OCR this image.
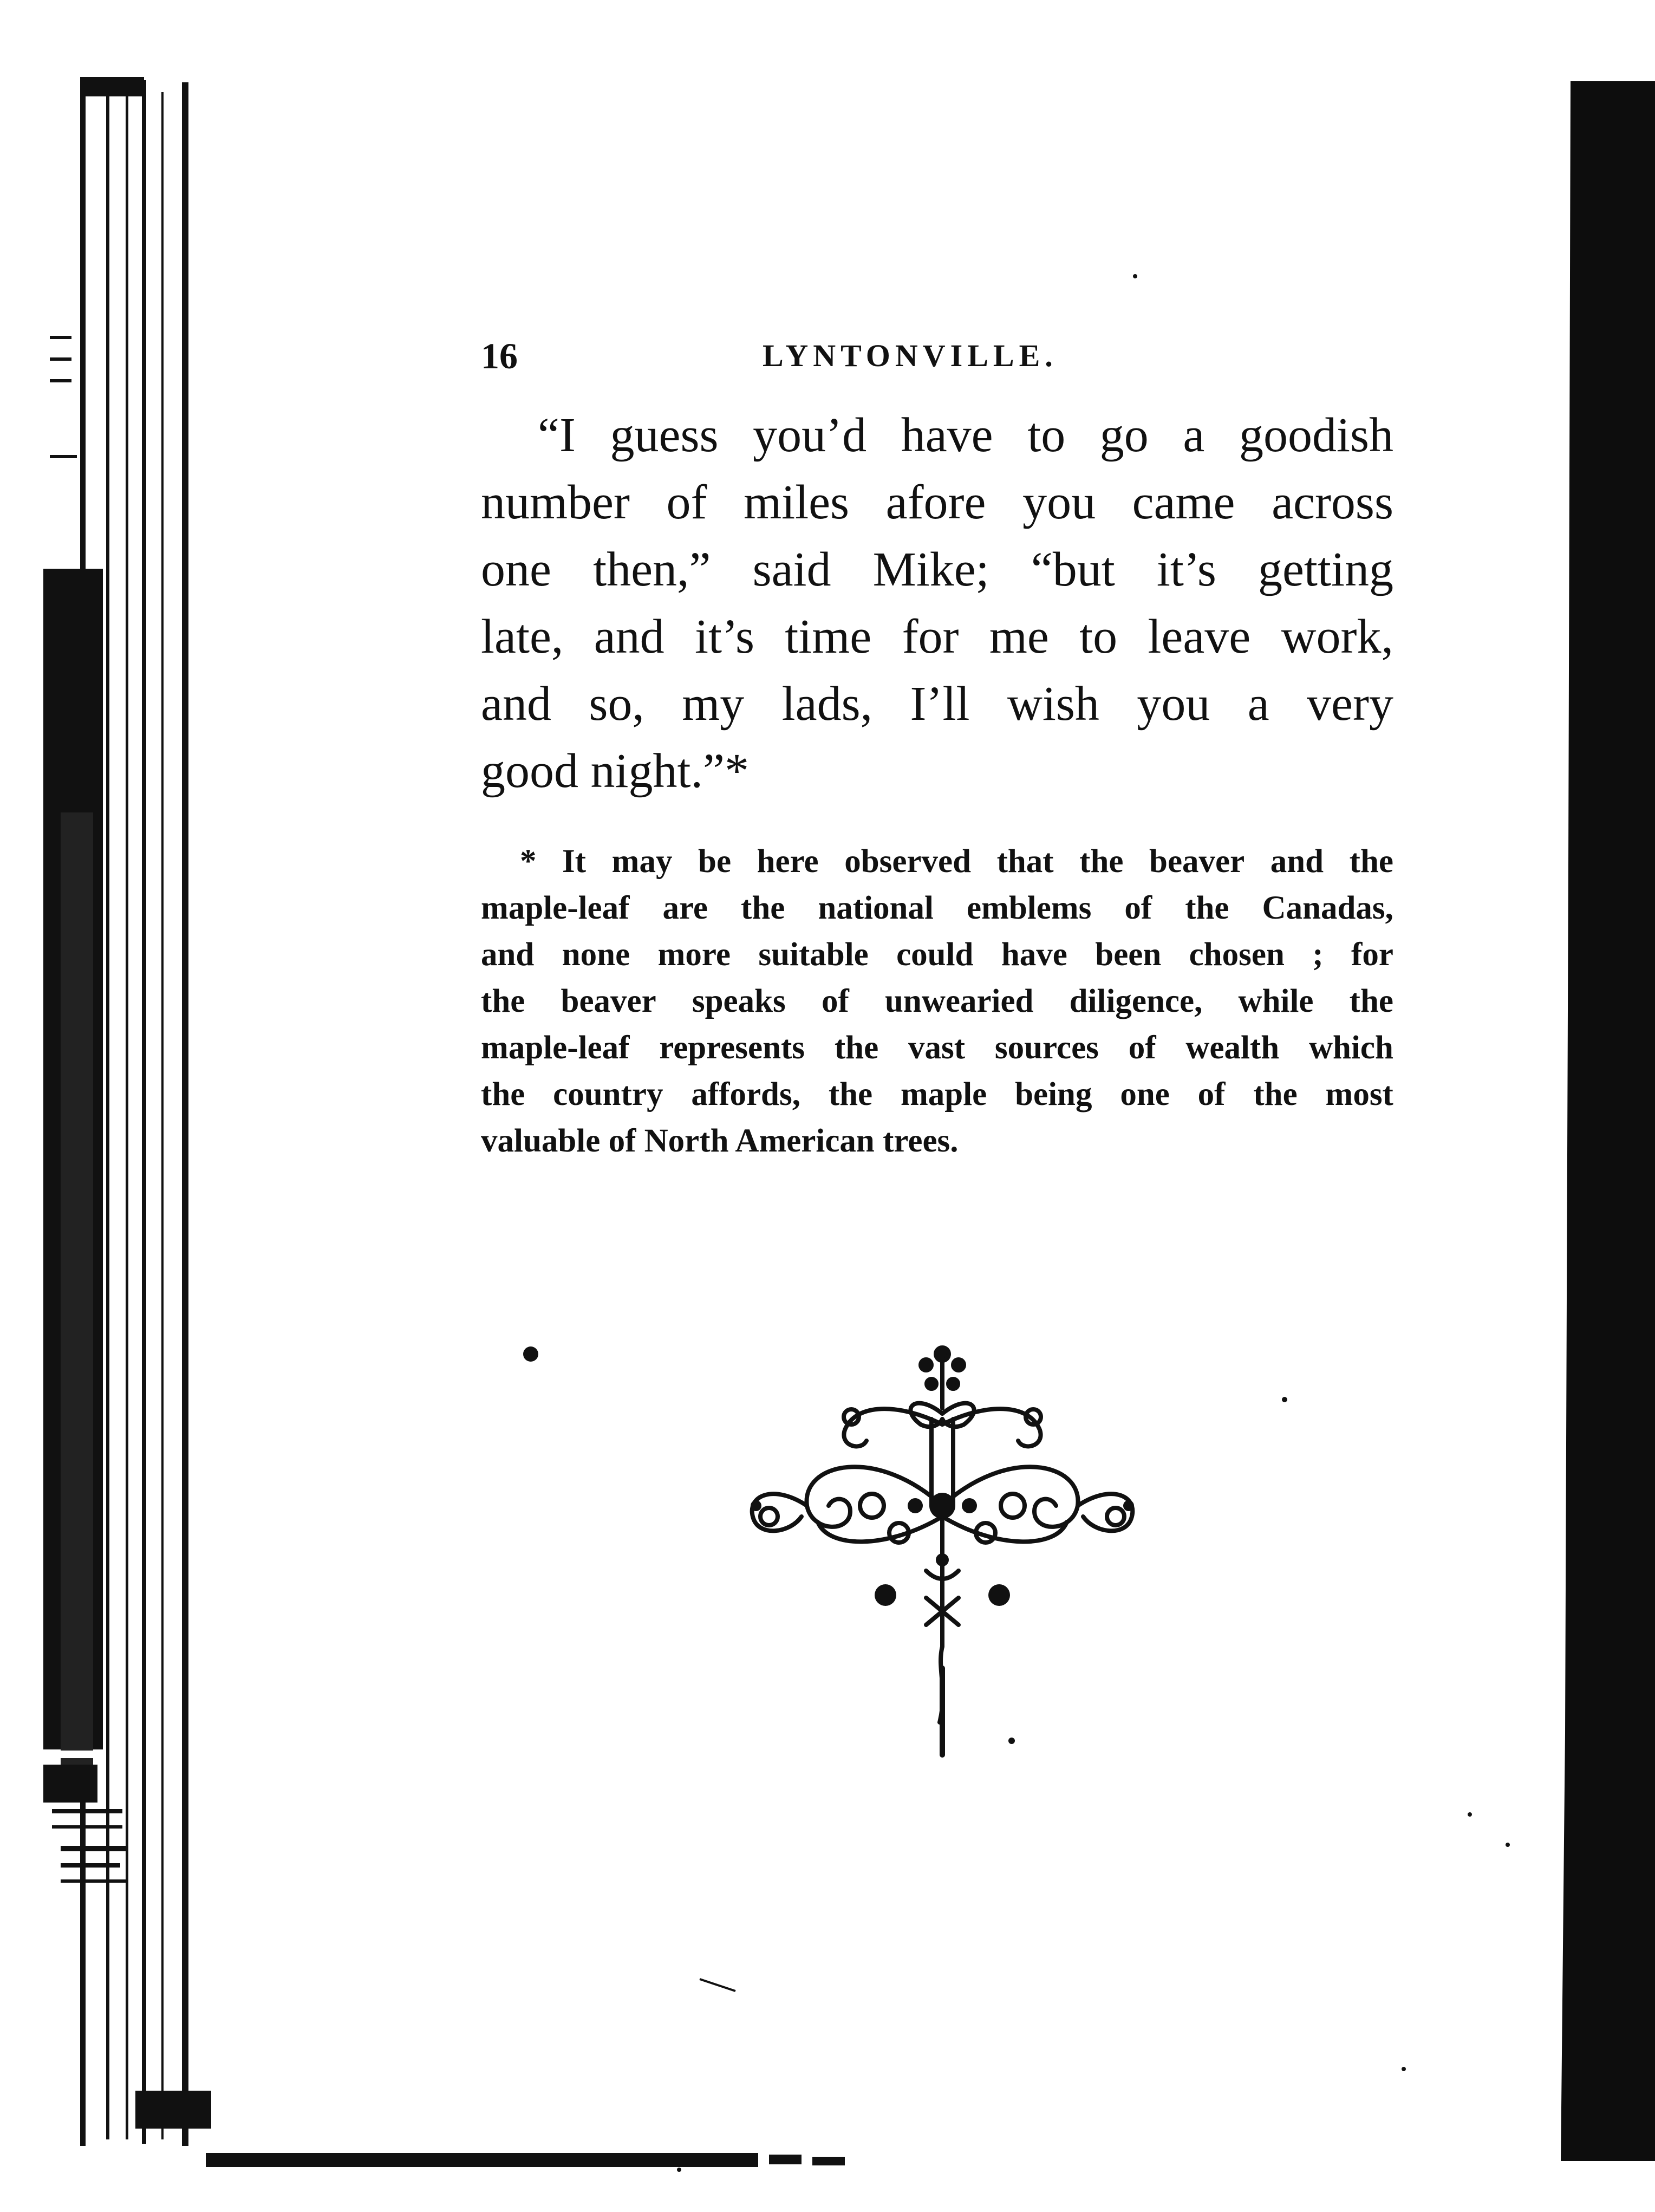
16	LYNTONVILLE.
“I guess you’d have to go a goodish
number of miles afore you came across
one then,” said Mike; “but it’s getting
late, and it’s time for me to leave work,
and so, my lads, I’ll wish you a very
good night.”*
* It may be here observed that the beaver and the
maple-leaf are the national emblems of the Canadas,
and none more suitable could have been chosen ; for
the beaver speaks of unwearied diligence, while the
maple-leaf represents the vast sources of wealth which
the country affords, the maple being one of the most
valuable of North American trees.
